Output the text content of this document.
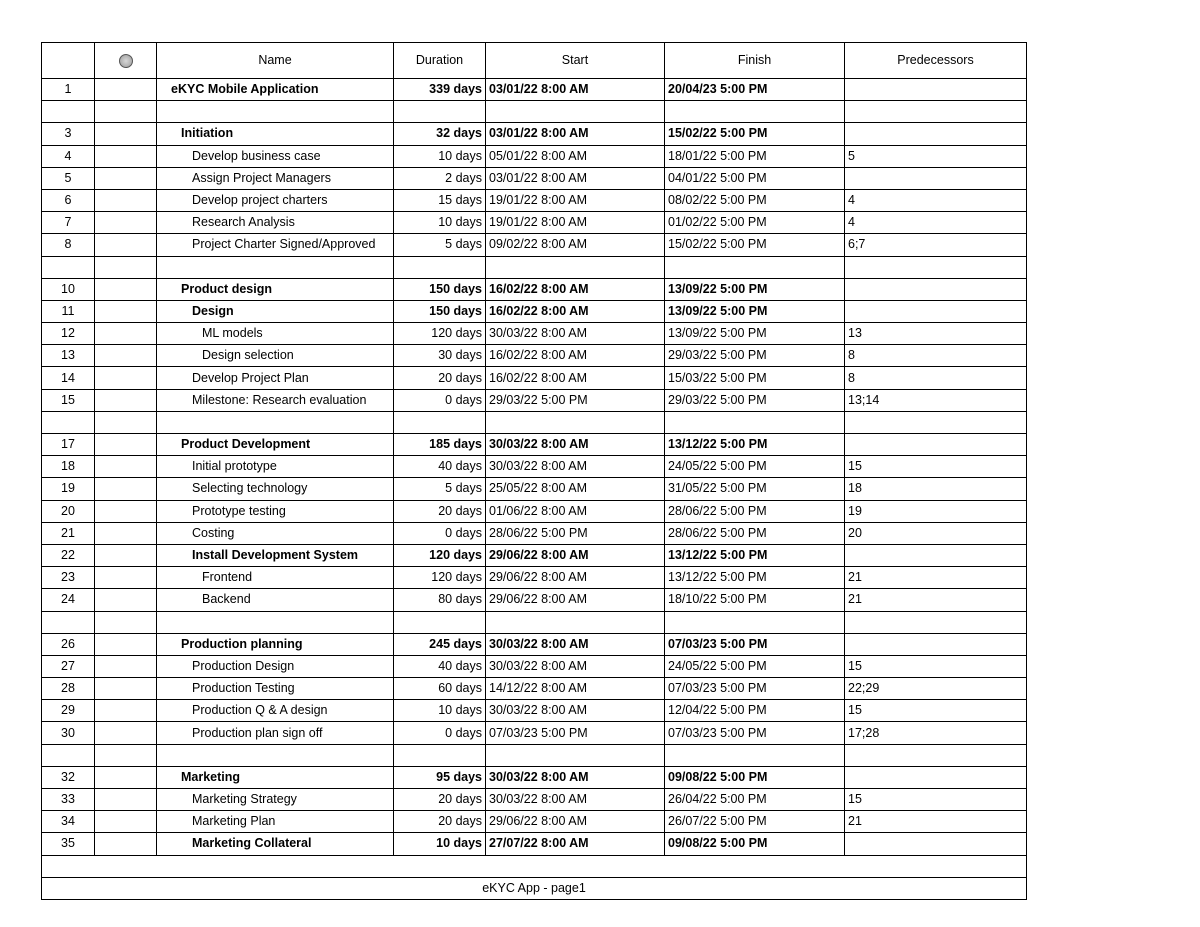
		Name	Duration	Start	Finish	Predecessors
1		eKYC Mobile Application	339 days	03/01/22 8:00 AM	20/04/23 5:00 PM	

3		Initiation	32 days	03/01/22 8:00 AM	15/02/22 5:00 PM	
4		Develop business case	10 days	05/01/22 8:00 AM	18/01/22 5:00 PM	5
5		Assign Project Managers	2 days	03/01/22 8:00 AM	04/01/22 5:00 PM	
6		Develop project charters	15 days	19/01/22 8:00 AM	08/02/22 5:00 PM	4
7		Research Analysis	10 days	19/01/22 8:00 AM	01/02/22 5:00 PM	4
8		Project Charter Signed/Approved	5 days	09/02/22 8:00 AM	15/02/22 5:00 PM	6;7

10		Product design	150 days	16/02/22 8:00 AM	13/09/22 5:00 PM	
11		Design	150 days	16/02/22 8:00 AM	13/09/22 5:00 PM	
12		ML models	120 days	30/03/22 8:00 AM	13/09/22 5:00 PM	13
13		Design selection	30 days	16/02/22 8:00 AM	29/03/22 5:00 PM	8
14		Develop Project Plan	20 days	16/02/22 8:00 AM	15/03/22 5:00 PM	8
15		Milestone: Research evaluation	0 days	29/03/22 5:00 PM	29/03/22 5:00 PM	13;14

17		Product Development	185 days	30/03/22 8:00 AM	13/12/22 5:00 PM	
18		Initial prototype	40 days	30/03/22 8:00 AM	24/05/22 5:00 PM	15
19		Selecting technology	5 days	25/05/22 8:00 AM	31/05/22 5:00 PM	18
20		Prototype testing	20 days	01/06/22 8:00 AM	28/06/22 5:00 PM	19
21		Costing	0 days	28/06/22 5:00 PM	28/06/22 5:00 PM	20
22		Install Development System	120 days	29/06/22 8:00 AM	13/12/22 5:00 PM	
23		Frontend	120 days	29/06/22 8:00 AM	13/12/22 5:00 PM	21
24		Backend	80 days	29/06/22 8:00 AM	18/10/22 5:00 PM	21

26		Production planning	245 days	30/03/22 8:00 AM	07/03/23 5:00 PM	
27		Production Design	40 days	30/03/22 8:00 AM	24/05/22 5:00 PM	15
28		Production Testing	60 days	14/12/22 8:00 AM	07/03/23 5:00 PM	22;29
29		Production Q & A design	10 days	30/03/22 8:00 AM	12/04/22 5:00 PM	15
30		Production plan sign off	0 days	07/03/23 5:00 PM	07/03/23 5:00 PM	17;28

32		Marketing	95 days	30/03/22 8:00 AM	09/08/22 5:00 PM	
33		Marketing Strategy	20 days	30/03/22 8:00 AM	26/04/22 5:00 PM	15
34		Marketing Plan	20 days	29/06/22 8:00 AM	26/07/22 5:00 PM	21
35		Marketing Collateral	10 days	27/07/22 8:00 AM	09/08/22 5:00 PM	

eKYC App - page1						
